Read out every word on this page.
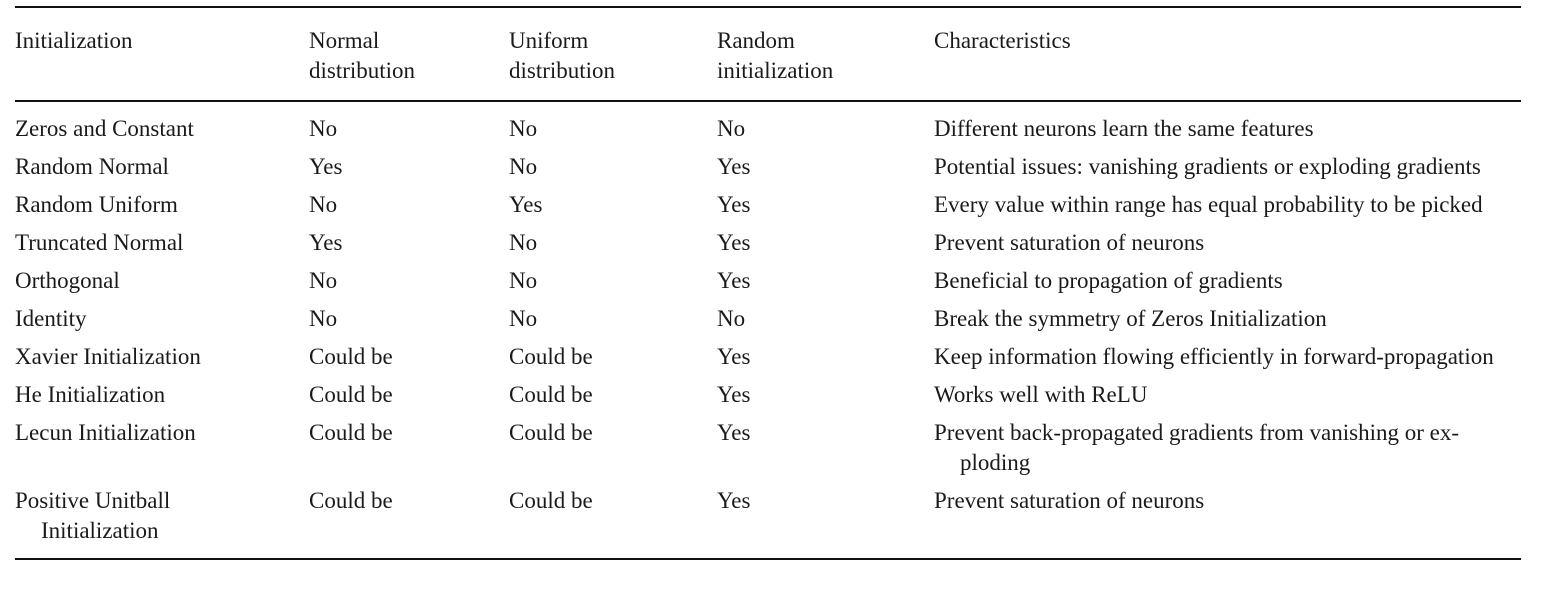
Initialization	Normal distribution	Uniform distribution	Random initialization	Characteristics
Zeros and Constant	No	No	No	Different neurons learn the same features
Random Normal	Yes	No	Yes	Potential issues: vanishing gradients or exploding gradients
Random Uniform	No	Yes	Yes	Every value within range has equal probability to be picked
Truncated Normal	Yes	No	Yes	Prevent saturation of neurons
Orthogonal	No	No	Yes	Beneficial to propagation of gradients
Identity	No	No	No	Break the symmetry of Zeros Initialization
Xavier Initialization	Could be	Could be	Yes	Keep information flowing efficiently in forward-propagation
He Initialization	Could be	Could be	Yes	Works well with ReLU
Lecun Initialization	Could be	Could be	Yes	Prevent back-propagated gradients from vanishing or ex-ploding
Positive Unitball Initialization	Could be	Could be	Yes	Prevent saturation of neurons
